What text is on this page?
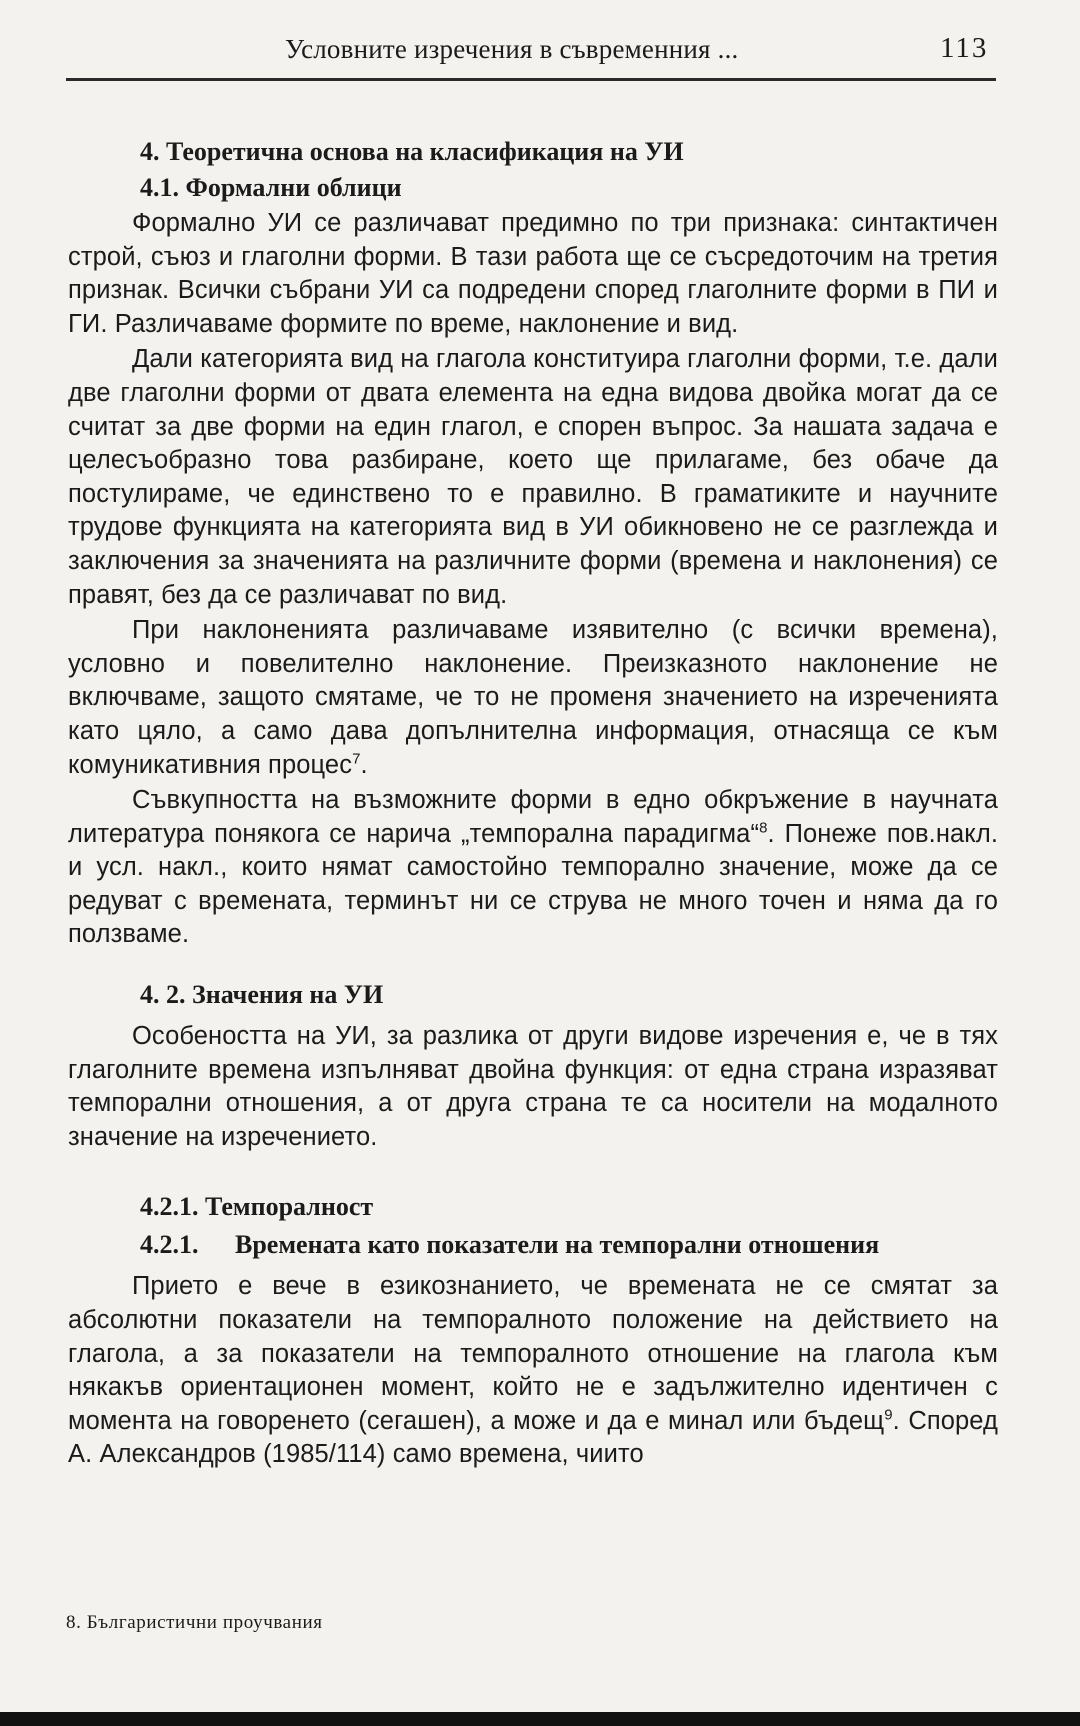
Условните изречения в съвременния ...	113
4. Теоретична основа на класификация на УИ
4.1. Формални облици

Формално УИ се различават предимно по три признака: синтактичен строй, съюз и глаголни форми. В тази работа ще се съсредоточим на третия признак. Всички събрани УИ са подредени според глаголните форми в ПИ и ГИ. Различаваме формите по време, наклонение и вид.

Дали категорията вид на глагола конституира глаголни форми, т.е. дали две глаголни форми от двата елемента на една видова двойка могат да се считат за две форми на един глагол, е спорен въпрос. За нашата задача е целесъобразно това разбиране, което ще прилагаме, без обаче да постулираме, че единствено то е правилно. В граматиките и научните трудове функцията на категорията вид в УИ обикновено не се разглежда и заключения за значенията на различните форми (времена и наклонения) се правят, без да се различават по вид.

При наклоненията различаваме изявително (с всички времена), условно и повелително наклонение. Преизказното наклонение не включваме, защото смятаме, че то не променя значението на изреченията като цяло, а само дава допълнителна информация, отнасяща се към комуникативния процес$^7$.

Съвкупността на възможните форми в едно обкръжение в научната литература понякога се нарича „темпорална парадигма“$^8$. Понеже пов.накл. и усл. накл., които нямат самостойно темпорално значение, може да се редуват с времената, терминът ни се струва не много точен и няма да го ползваме.

4. 2. Значения на УИ

Особеността на УИ, за разлика от други видове изречения е, че в тях глаголните времена изпълняват двойна функция: от една страна изразяват темпорални отношения, а от друга страна те са носители на модалното значение на изречението.

4.2.1. Темпоралност
4.2.1. Времената като показатели на темпорални отношения

Прието е вече в езикознанието, че времената не се смятат за абсолютни показатели на темпоралното положение на действието на глагола, а за показатели на темпоралното отношение на глагола към някакъв ориентационен момент, който не е задължително идентичен с момента на говоренето (сегашен), а може и да е минал или бъдещ$^9$. Според А. Александров (1985/114) само времена, чиито

8. Българистични проучвания
